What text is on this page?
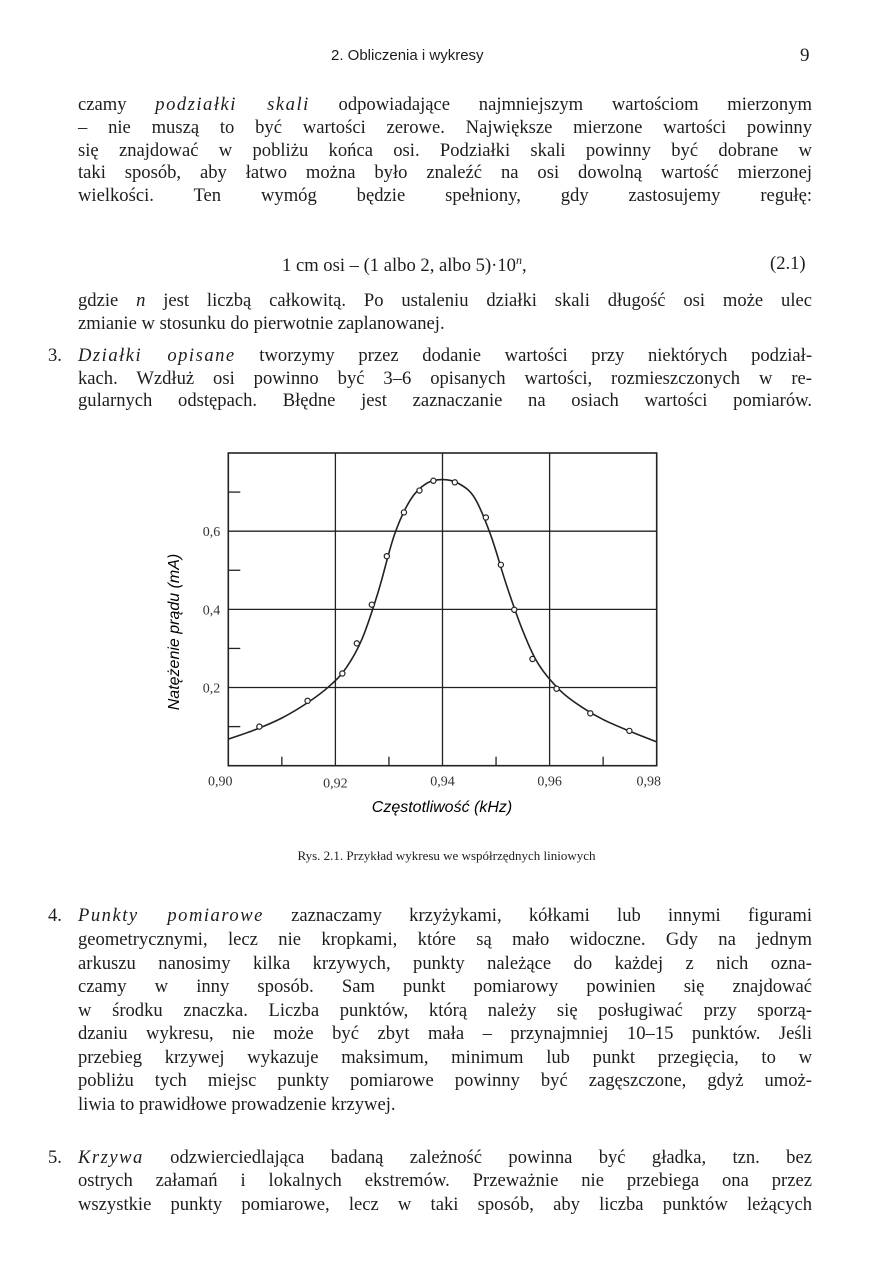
2. Obliczenia i wykresy	9
czamy podziałki skali odpowiadające najmniejszym wartościom mierzonym
– nie muszą to być wartości zerowe. Największe mierzone wartości powinny
się znajdować w pobliżu końca osi. Podziałki skali powinny być dobrane w
taki sposób, aby łatwo można było znaleźć na osi dowolną wartość mierzonej
wielkości. Ten wymóg będzie spełniony, gdy zastosujemy regułę:
1 cm osi – (1 albo 2, albo $5)\cdot 10^n$,	(2.1)
gdzie n jest liczbą całkowitą. Po ustaleniu działki skali długość osi może ulec
zmianie w stosunku do pierwotnie zaplanowanej.
3. Działki opisane tworzymy przez dodanie wartości przy niektórych podział-
kach. Wzdłuż osi powinno być 3–6 opisanych wartości, rozmieszczonych w re-
gularnych odstępach. Błędne jest zaznaczanie na osiach wartości pomiarów.
0,90	0,92	0,94	0,96	0,98
0,2
0,4
0,6
Częstotliwość (kHz)
Natężenie prądu (mA)
Rys. 2.1. Przykład wykresu we współrzędnych liniowych
4. Punkty pomiarowe zaznaczamy krzyżykami, kółkami lub innymi figurami
geometrycznymi, lecz nie kropkami, które są mało widoczne. Gdy na jednym
arkuszu nanosimy kilka krzywych, punkty należące do każdej z nich ozna-
czamy w inny sposób. Sam punkt pomiarowy powinien się znajdować
w środku znaczka. Liczba punktów, którą należy się posługiwać przy sporzą-
dzaniu wykresu, nie może być zbyt mała – przynajmniej 10–15 punktów. Jeśli
przebieg krzywej wykazuje maksimum, minimum lub punkt przegięcia, to w
pobliżu tych miejsc punkty pomiarowe powinny być zagęszczone, gdyż umoż-
liwia to prawidłowe prowadzenie krzywej.
5. Krzywa odzwierciedlająca badaną zależność powinna być gładka, tzn. bez
ostrych załamań i lokalnych ekstremów. Przeważnie nie przebiega ona przez
wszystkie punkty pomiarowe, lecz w taki sposób, aby liczba punktów leżących
